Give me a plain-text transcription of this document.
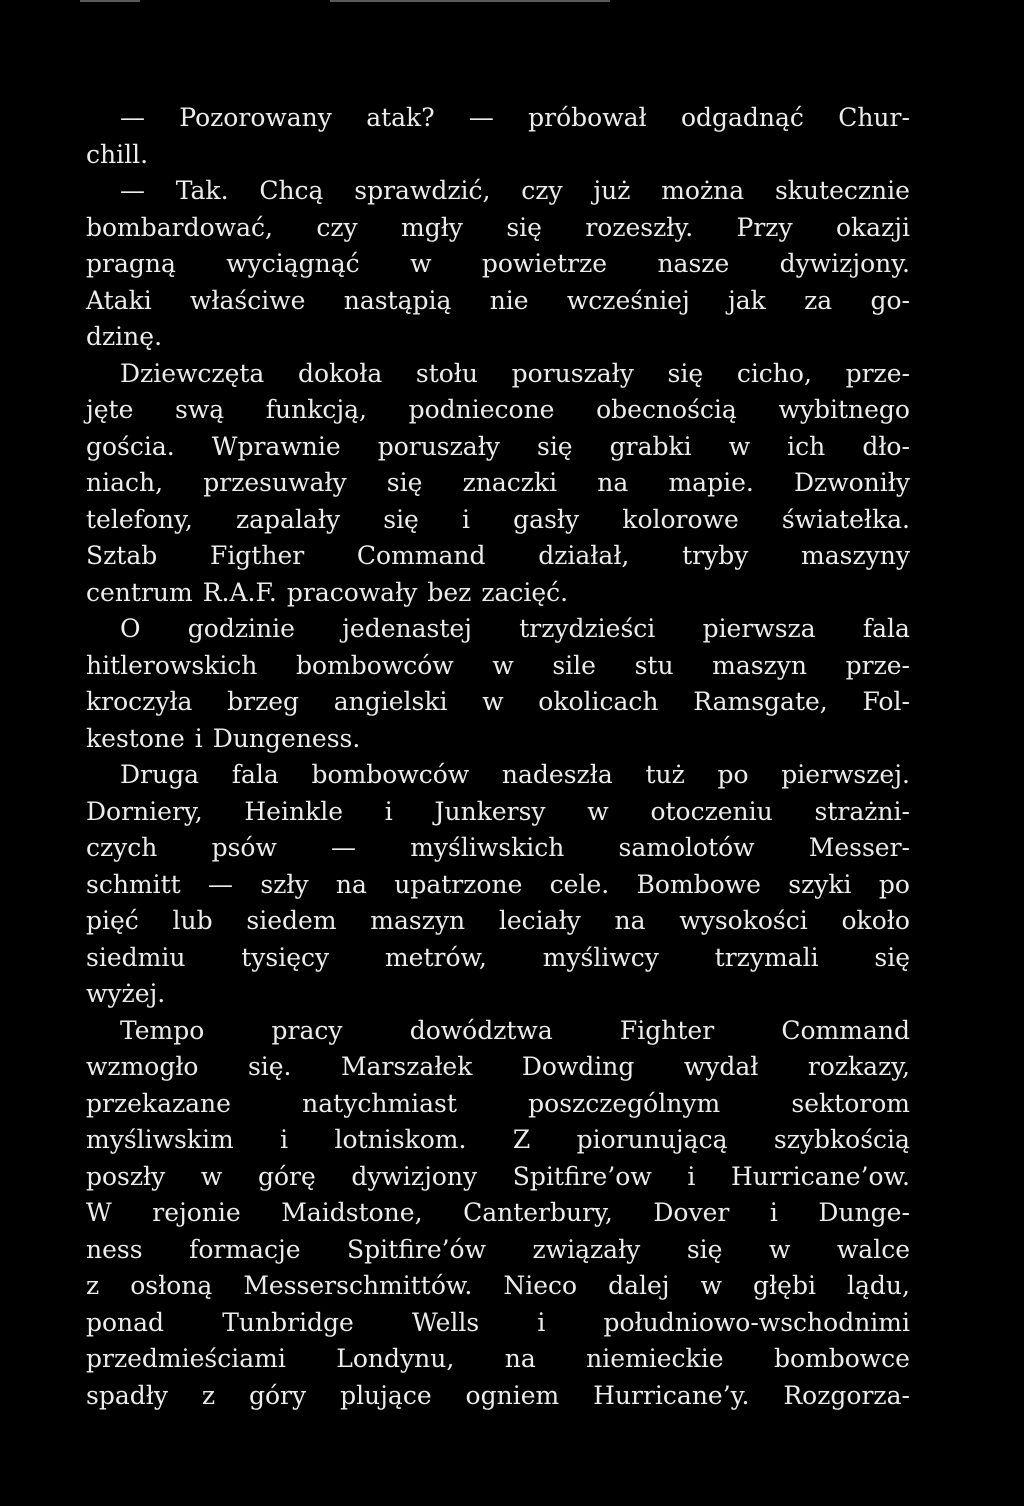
— Pozorowany atak? — próbował odgadnąć Chur-
chill.
— Tak. Chcą sprawdzić, czy już można skutecznie
bombardować, czy mgły się rozeszły. Przy okazji
pragną wyciągnąć w powietrze nasze dywizjony.
Ataki właściwe nastąpią nie wcześniej jak za go-
dzinę.
Dziewczęta dokoła stołu poruszały się cicho, prze-
jęte swą funkcją, podniecone obecnością wybitnego
gościa. Wprawnie poruszały się grabki w ich dło-
niach, przesuwały się znaczki na mapie. Dzwoniły
telefony, zapalały się i gasły kolorowe światełka.
Sztab Figther Command działał, tryby maszyny
centrum R.A.F. pracowały bez zacięć.
O godzinie jedenastej trzydzieści pierwsza fala
hitlerowskich bombowców w sile stu maszyn prze-
kroczyła brzeg angielski w okolicach Ramsgate, Fol-
kestone i Dungeness.
Druga fala bombowców nadeszła tuż po pierwszej.
Dorniery, Heinkle i Junkersy w otoczeniu strażni-
czych psów — myśliwskich samolotów Messer-
schmitt — szły na upatrzone cele. Bombowe szyki po
pięć lub siedem maszyn leciały na wysokości około
siedmiu tysięcy metrów, myśliwcy trzymali się
wyżej.
Tempo	pracy	dowództwa	Fighter	Command
wzmogło się. Marszałek Dowding wydał rozkazy,
przekazane	natychmiast	poszczególnym	sektorom
myśliwskim i lotniskom. Z piorunującą szybkością
poszły w górę dywizjony Spitfire’ow i Hurricane’ow.
W rejonie Maidstone, Canterbury, Dover i Dunge-
ness formacje Spitfire’ów związały się w walce
z osłoną Messerschmittów. Nieco dalej w głębi lądu,
ponad Tunbridge Wells i południowo-wschodnimi
przedmieściami Londynu, na niemieckie bombowce
spadły z góry plujące ogniem Hurricane’y. Rozgorza-
